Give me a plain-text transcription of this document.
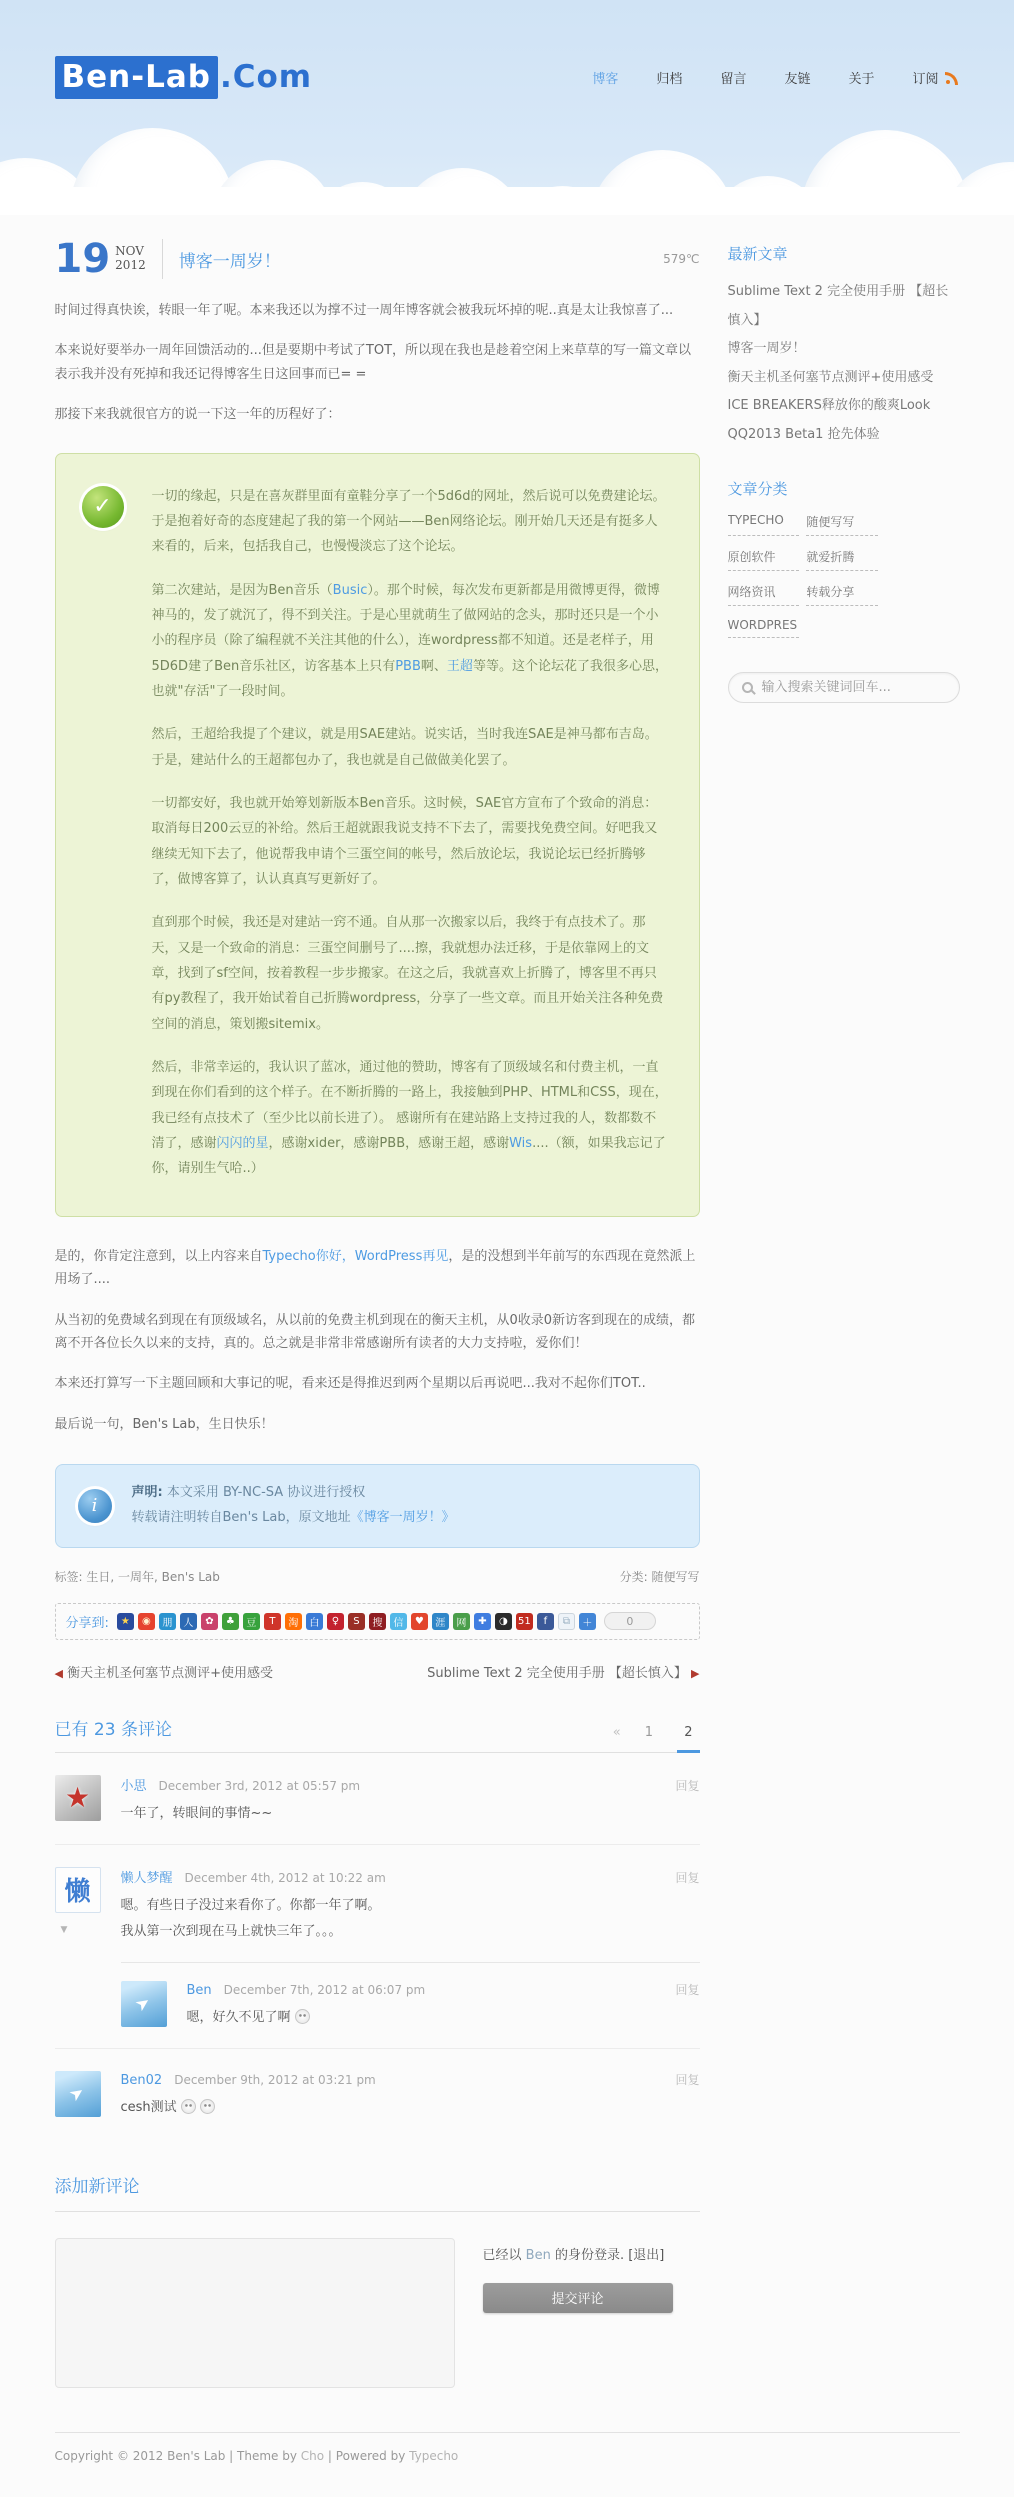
Ben-Lab .Com	博客	归档	留言	友链	关于	订阅
19 NOV
2012 博客一周岁！	579℃

时间过得真快诶，转眼一年了呢。本来我还以为撑不过一周年博客就会被我玩坏掉的呢..真是太让我惊喜了...

本来说好要举办一周年回馈活动的...但是要期中考试了TOT，所以现在我也是趁着空闲上来草草的写一篇文章以表示我并没有死掉和我还记得博客生日这回事而已= =

那接下来我就很官方的说一下这一年的历程好了：

✓	一切的缘起，只是在喜灰群里面有童鞋分享了一个5d6d的网址，然后说可以免费建论坛。于是抱着好奇的态度建起了我的第一个网站——Ben网络论坛。刚开始几天还是有挺多人来看的，后来，包括我自己，也慢慢淡忘了这个论坛。

第二次建站，是因为Ben音乐（Busic）。那个时候，每次发布更新都是用微博更得，微博神马的，发了就沉了，得不到关注。于是心里就萌生了做网站的念头，那时还只是一个小小的程序员（除了编程就不关注其他的什么），连wordpress都不知道。还是老样子，用5D6D建了Ben音乐社区，访客基本上只有PBB啊、王超等等。这个论坛花了我很多心思，也就"存活"了一段时间。

然后，王超给我提了个建议，就是用SAE建站。说实话，当时我连SAE是神马都布吉岛。于是，建站什么的王超都包办了，我也就是自己做做美化罢了。

一切都安好，我也就开始筹划新版本Ben音乐。这时候，SAE官方宣布了个致命的消息：取消每日200云豆的补给。然后王超就跟我说支持不下去了，需要找免费空间。好吧我又继续无知下去了，他说帮我申请个三蛋空间的帐号，然后放论坛，我说论坛已经折腾够了，做博客算了，认认真真写更新好了。

直到那个时候，我还是对建站一窍不通。自从那一次搬家以后，我终于有点技术了。那天，又是一个致命的消息：三蛋空间删号了....擦，我就想办法迁移，于是依靠网上的文章，找到了sf空间，按着教程一步步搬家。在这之后，我就喜欢上折腾了，博客里不再只有py教程了，我开始试着自己折腾wordpress，分享了一些文章。而且开始关注各种免费空间的消息，策划搬sitemix。

然后，非常幸运的，我认识了蓝冰，通过他的赞助，博客有了顶级域名和付费主机，一直到现在你们看到的这个样子。在不断折腾的一路上，我接触到PHP、HTML和CSS，现在，我已经有点技术了（至少比以前长进了）。 感谢所有在建站路上支持过我的人，数都数不清了，感谢闪闪的星，感谢xider，感谢PBB，感谢王超，感谢Wis....（额，如果我忘记了你，请别生气哈..）

是的，你肯定注意到，以上内容来自Typecho你好，WordPress再见，是的没想到半年前写的东西现在竟然派上用场了....

从当初的免费域名到现在有顶级域名，从以前的免费主机到现在的衡天主机，从0收录0新访客到现在的成绩，都离不开各位长久以来的支持，真的。总之就是非常非常感谢所有读者的大力支持啦，爱你们！

本来还打算写一下主题回顾和大事记的呢，看来还是得推迟到两个星期以后再说吧...我对不起你们TOT..

最后说一句，Ben's Lab，生日快乐！

i

声明: 本文采用 BY-NC-SA 协议进行授权

转载请注明转自Ben's Lab，原文地址《博客一周岁！》

标签: 生日, 一周年, Ben's Lab	分类: 随便写写
分享到:	★	◉	朋	人	✿	♣	豆	T	淘	白	♀	S	搜	信	♥	涯	网	✚	◑	51	f	⧉	＋	0
◀ 衡天主机圣何塞节点测评+使用感受	Sublime Text 2 完全使用手册 【超长慎入】 ▶
已有 23 条评论	« 1 2
★ 小思 December 3rd, 2012 at 05:57 pm	回复

一年了，转眼间的事情~~

懒
▼
懒人梦醒 December 4th, 2012 at 10:22 am	回复

嗯。有些日子没过来看你了。你都一年了啊。

我从第一次到现在马上就快三年了。。。

➤
Ben December 7th, 2012 at 06:07 pm	回复

嗯，好久不见了啊

➤
Ben02 December 9th, 2012 at 03:21 pm	回复

cesh测试

添加新评论

已经以 Ben 的身份登录. [退出]

提交评论
最新文章
Sublime Text 2 完全使用手册 【超长慎入】
博客一周岁！
衡天主机圣何塞节点测评+使用感受
ICE BREAKERS释放你的酸爽Look
QQ2013 Beta1 抢先体验
文章分类
TYPECHO	随便写写
原创软件	就爱折腾
网络资讯	转载分享
WORDPRES
输入搜索关键词回车...

Copyright © 2012 Ben's Lab | Theme by Cho | Powered by Typecho
